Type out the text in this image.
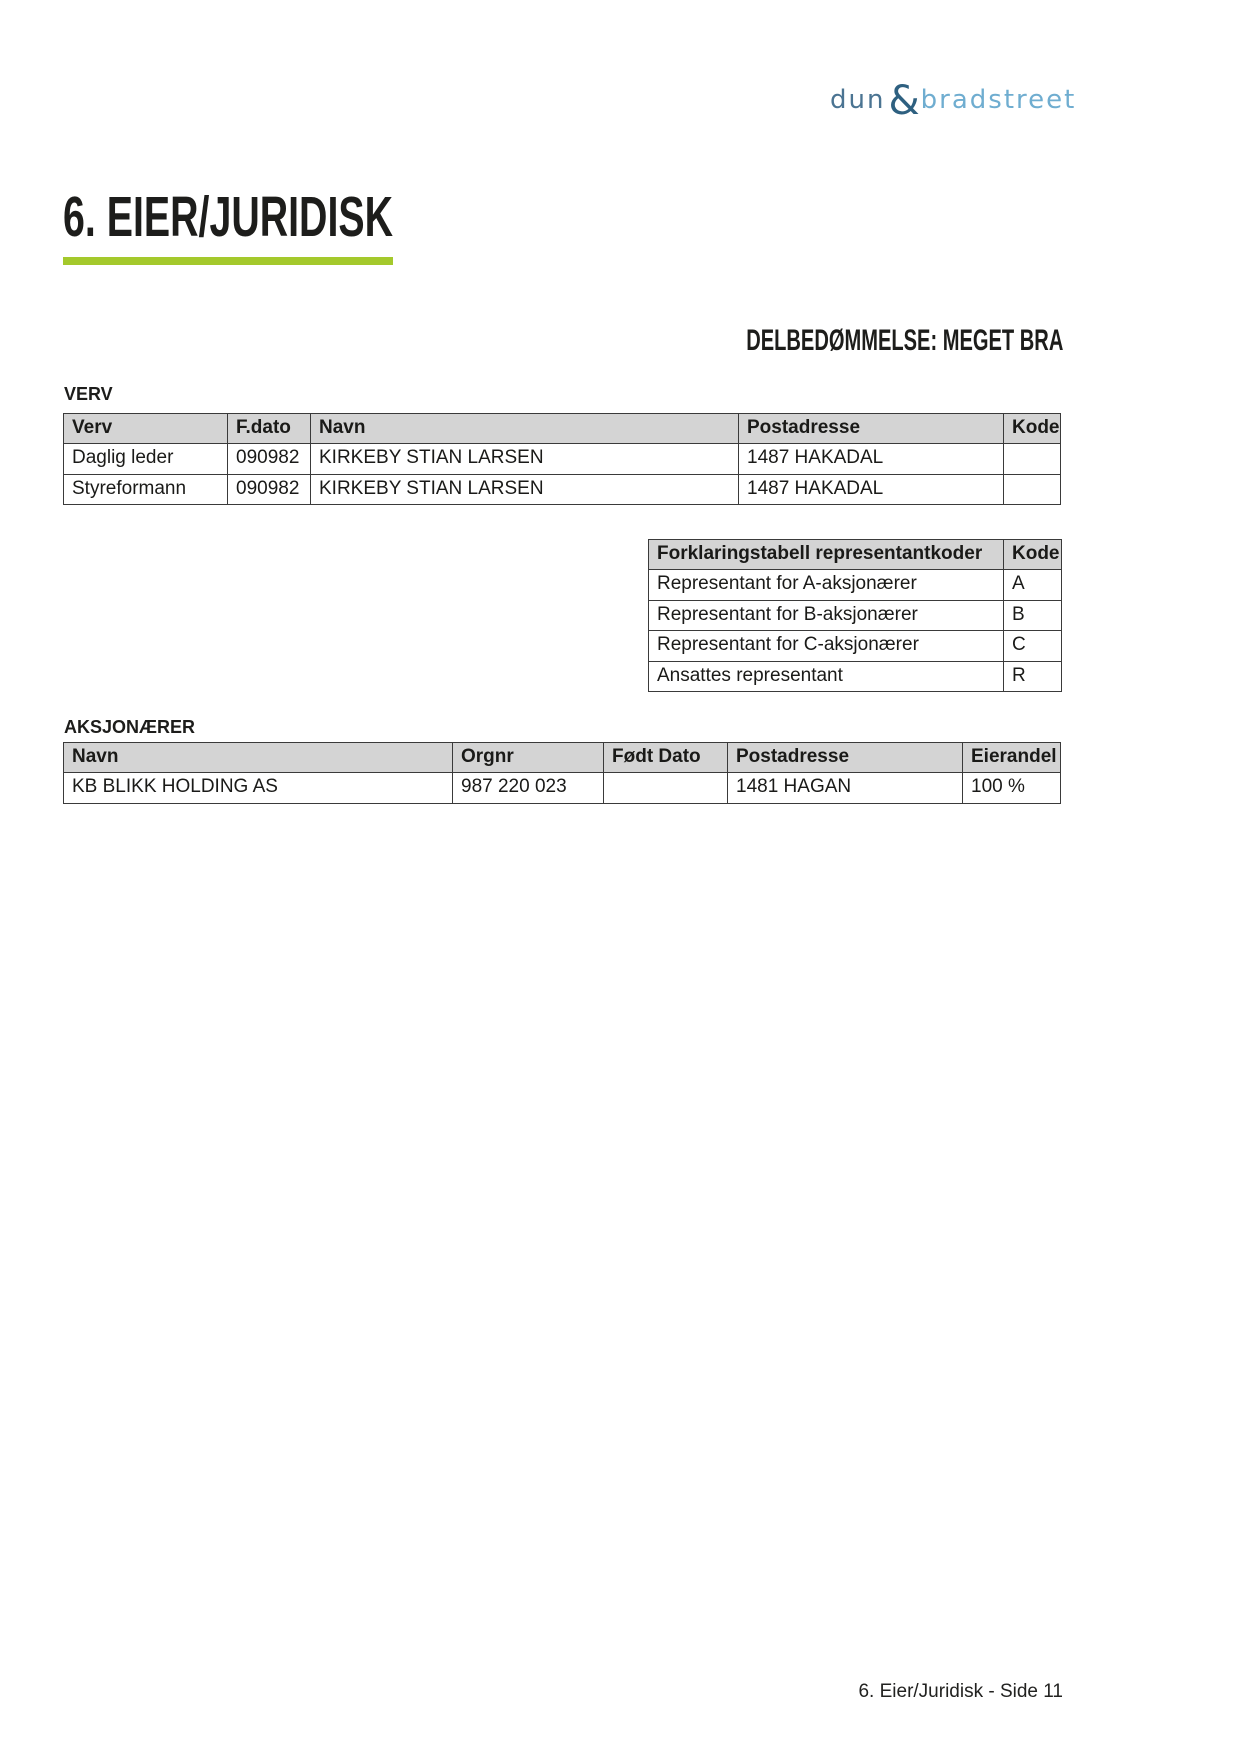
dun&bradstreet
6. EIER/JURIDISK
DELBEDØMMELSE: MEGET BRA
VERV
Verv	F.dato	Navn	Postadresse	Kode
Daglig leder	090982	KIRKEBY STIAN LARSEN	1487 HAKADAL	
Styreformann	090982	KIRKEBY STIAN LARSEN	1487 HAKADAL	
Forklaringstabell representantkoder	Kode
Representant for A-aksjonærer	A
Representant for B-aksjonærer	B
Representant for C-aksjonærer	C
Ansattes representant	R
AKSJONÆRER
Navn	Orgnr	Født Dato	Postadresse	Eierandel
KB BLIKK HOLDING AS	987 220 023		1481 HAGAN	100 %
6. Eier/Juridisk - Side 11
